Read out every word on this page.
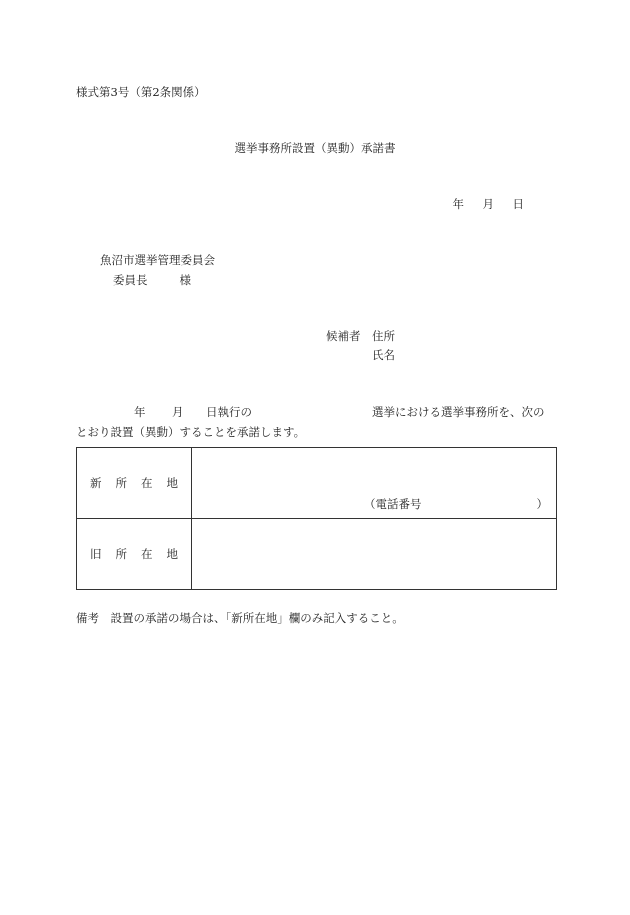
様式第3号（第2条関係）
選挙事務所設置（異動）承諾書
年 月 日
魚沼市選挙管理委員会
委員長	様
候補者 住所
氏名
年 月 日執行の	選挙における選挙事務所を、次の
とおり設置（異動）することを承諾します。
新所在地	（電話番号 ）

旧所在地	
備考　設置の承諾の場合は、「新所在地」欄のみ記入すること。
